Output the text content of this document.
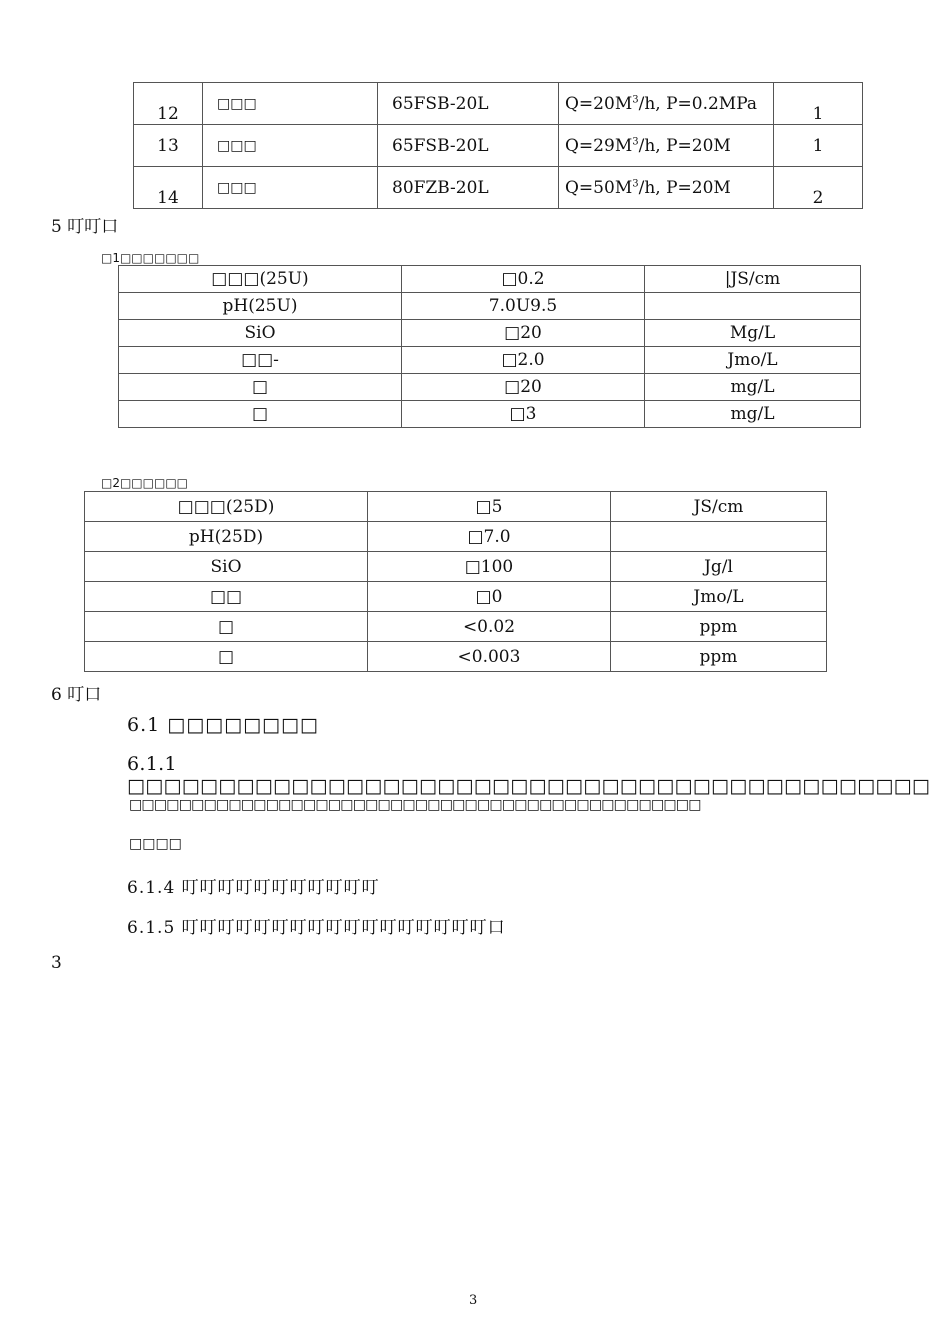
12	□□□	65FSB-20L	$Q=20M^3/h$, P=0.2MPa	1
13	□□□	65FSB-20L	$Q=29M^3/h$, P=20M	1
14	□□□	80FZB-20L	$Q=50M^3/h$, P=20M	2
5 叮叮口
□1□□□□□□□
□□□(25U)	□0.2	|JS/cm
pH(25U)	7.0U9.5	
SiO	□20	Mg/L
□□-	□2.0	Jmo/L
□	□20	mg/L
□	□3	mg/L
□2□□□□□□
□□□(25D)	□5	JS/cm
pH(25D)	□7.0	
SiO	□100	Jg/l
□□	□0	Jmo/L
□	<0.02	ppm
□	<0.003	ppm
6 叮口
6.1 □□□□□□□□
6.1.1 □□□□□□□□□□□□□□□□□□□□□□□□□□□□□□□□□□□□□□□□□□□□
□□□□□□□□□□□□□□□□□□□□□□□□□□□□□□□□□□□□□□□□□□□□□□
□□□□
6.1.4 叮叮叮叮叮叮叮叮叮叮叮
6.1.5 叮叮叮叮叮叮叮叮叮叮叮叮叮叮叮叮叮口
3
3
